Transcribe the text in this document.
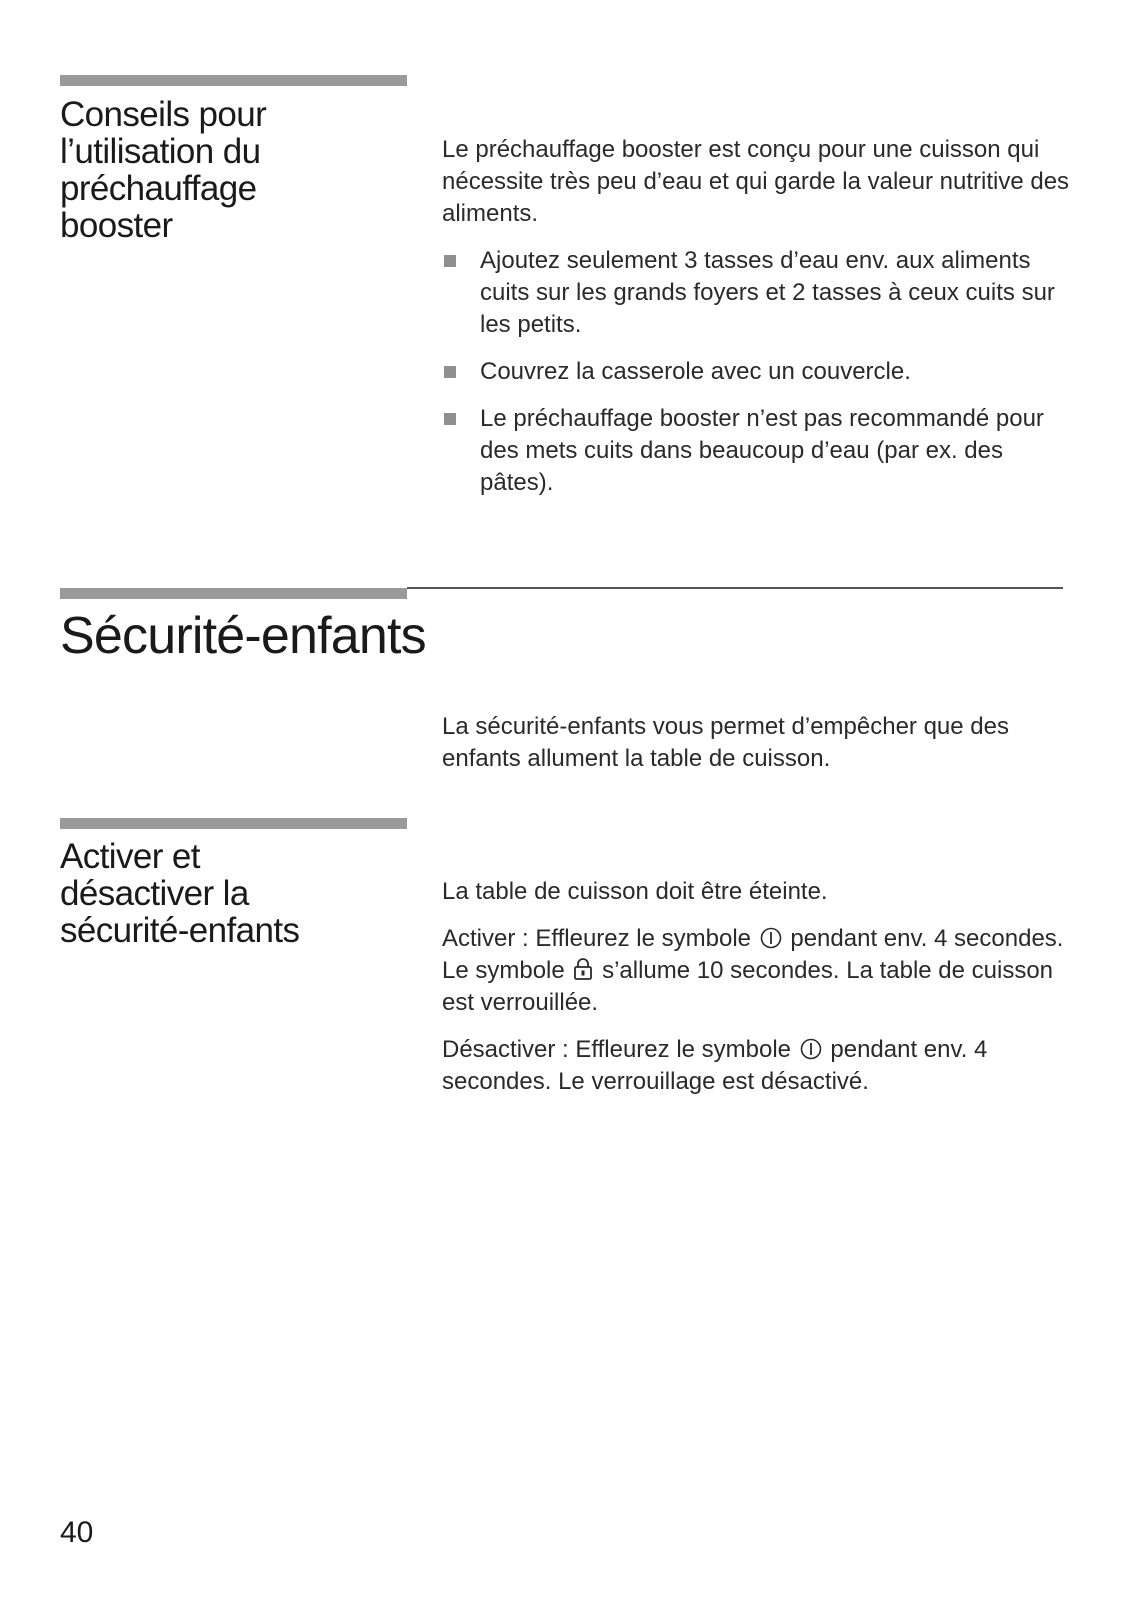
Conseils pour
l’utilisation du
préchauffage
booster

Le préchauffage booster est conçu pour une cuisson qui nécessite très peu d’eau et qui garde la valeur nutritive des aliments.

Ajoutez seulement 3 tasses d’eau env. aux aliments cuits sur les grands foyers et 2 tasses à ceux cuits sur les petits.
Couvrez la casserole avec un couvercle.
Le préchauffage booster n’est pas recommandé pour des mets cuits dans beaucoup d’eau (par ex. des pâtes).
Sécurité-enfants

La sécurité-enfants vous permet d’empêcher que des enfants allument la table de cuisson.

Activer et
désactiver la
sécurité-enfants

La table de cuisson doit être éteinte.

Activer : Effleurez le symbole pendant env. 4 secondes. Le symbole s’allume 10 secondes. La table de cuisson est verrouillée.

Désactiver : Effleurez le symbole pendant env. 4 secondes. Le verrouillage est désactivé.

40
